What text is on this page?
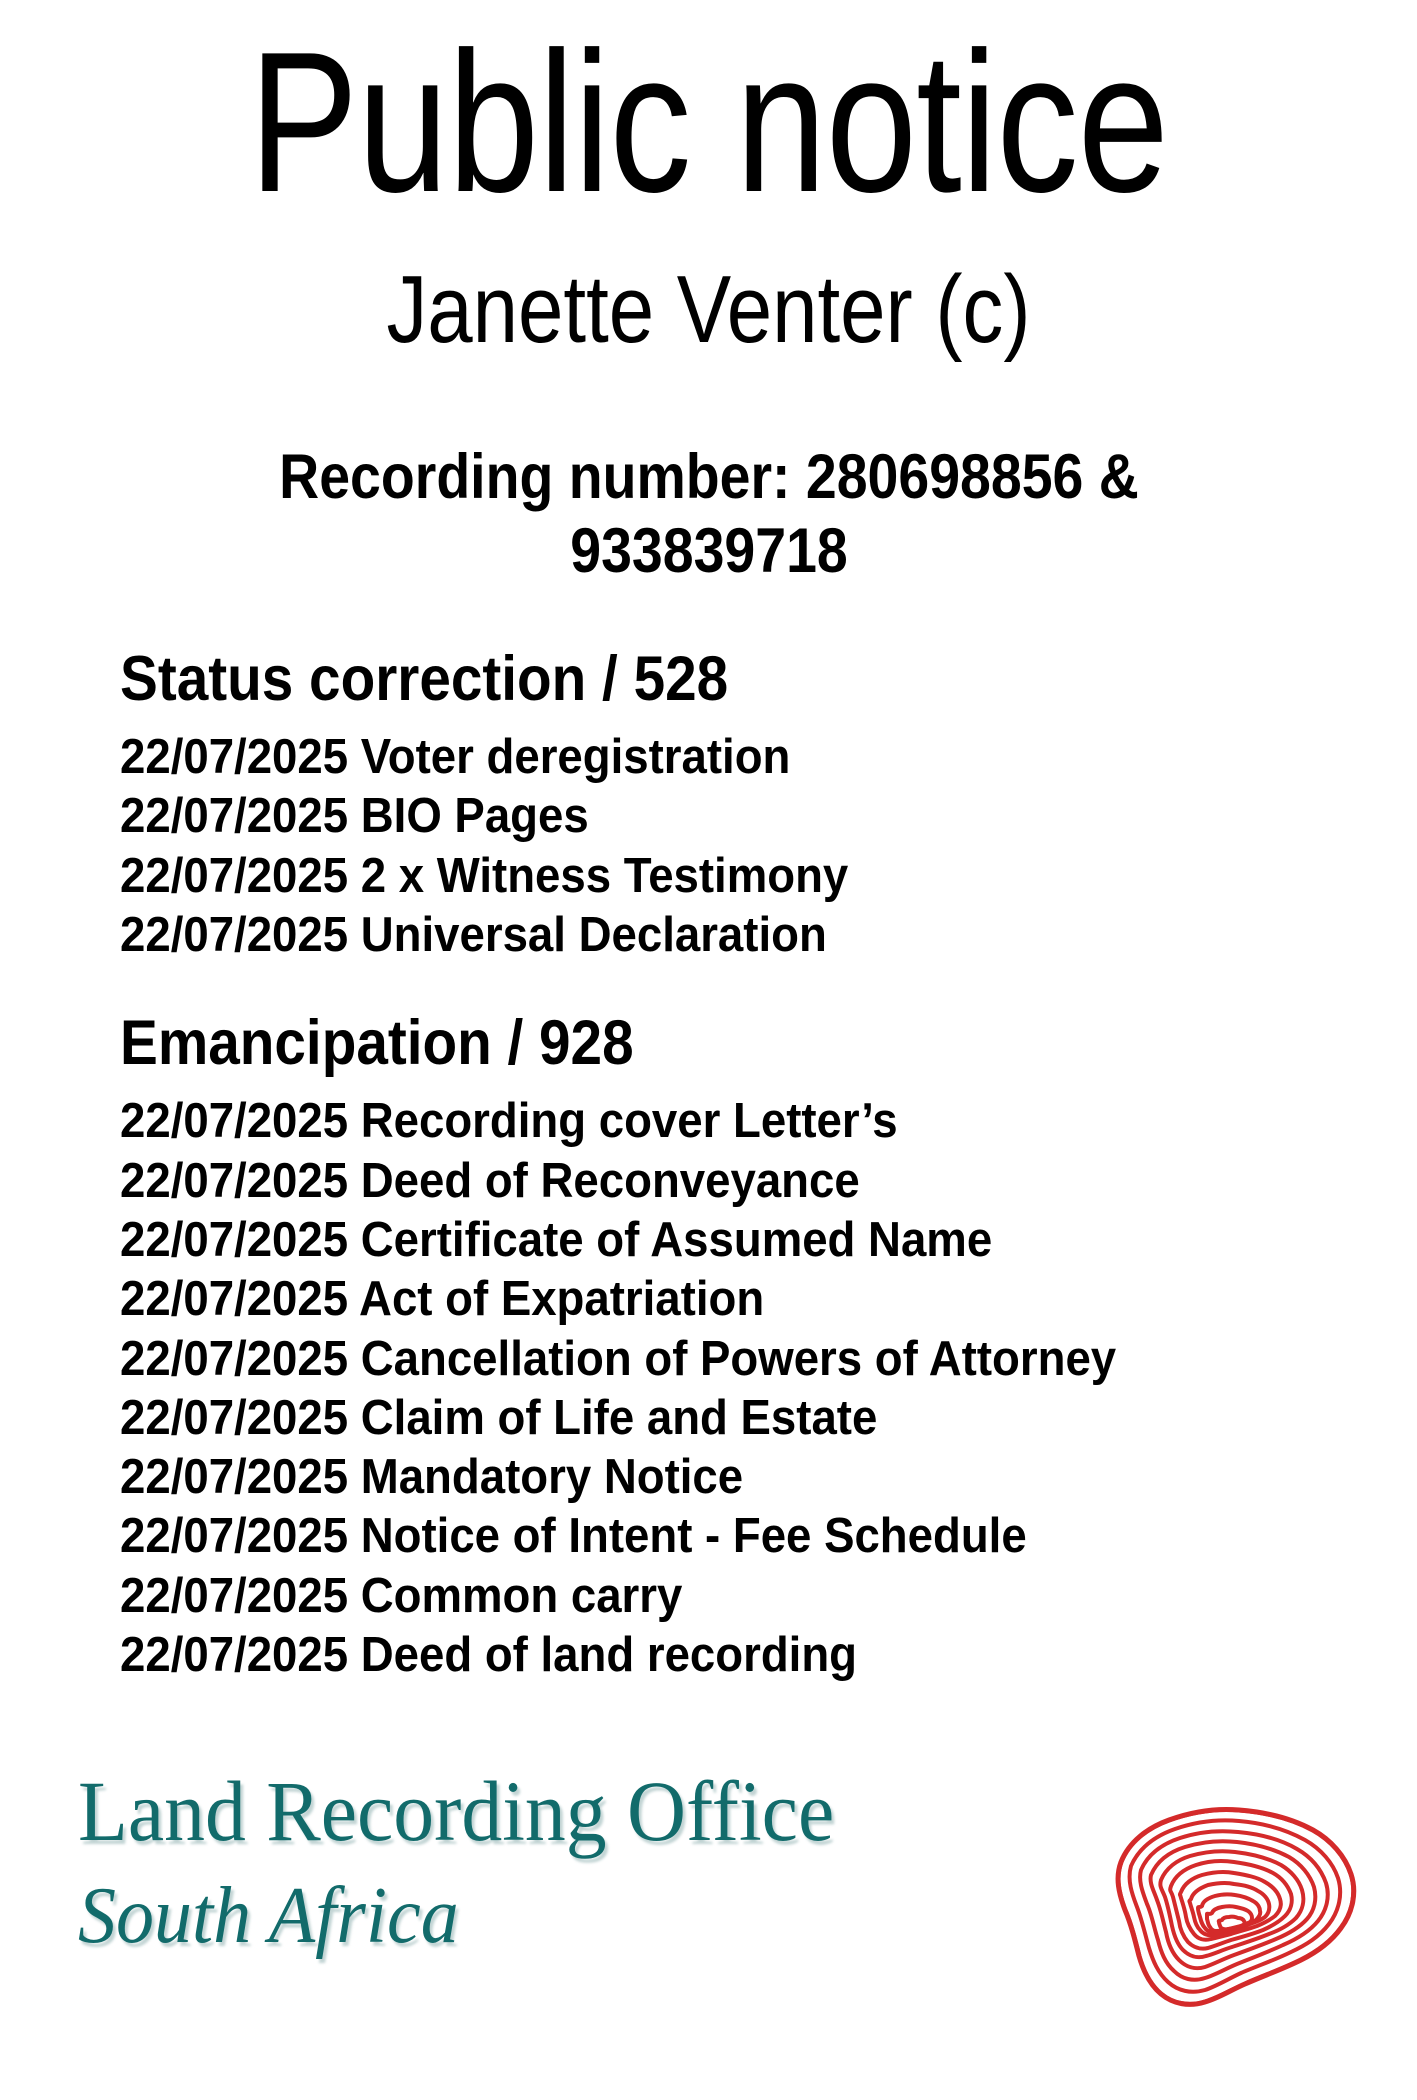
Public notice
Janette Venter (c)
Recording number: 280698856 & 933839718
Status correction / 528
22/07/2025 Voter deregistration
22/07/2025 BIO Pages
22/07/2025 2 x Witness Testimony
22/07/2025 Universal Declaration
Emancipation / 928
22/07/2025 Recording cover Letter’s
22/07/2025 Deed of Reconveyance
22/07/2025 Certificate of Assumed Name
22/07/2025 Act of Expatriation
22/07/2025 Cancellation of Powers of Attorney
22/07/2025 Claim of Life and Estate
22/07/2025 Mandatory Notice
22/07/2025 Notice of Intent - Fee Schedule
22/07/2025 Common carry
22/07/2025 Deed of land recording
Land Recording Office
South Africa
